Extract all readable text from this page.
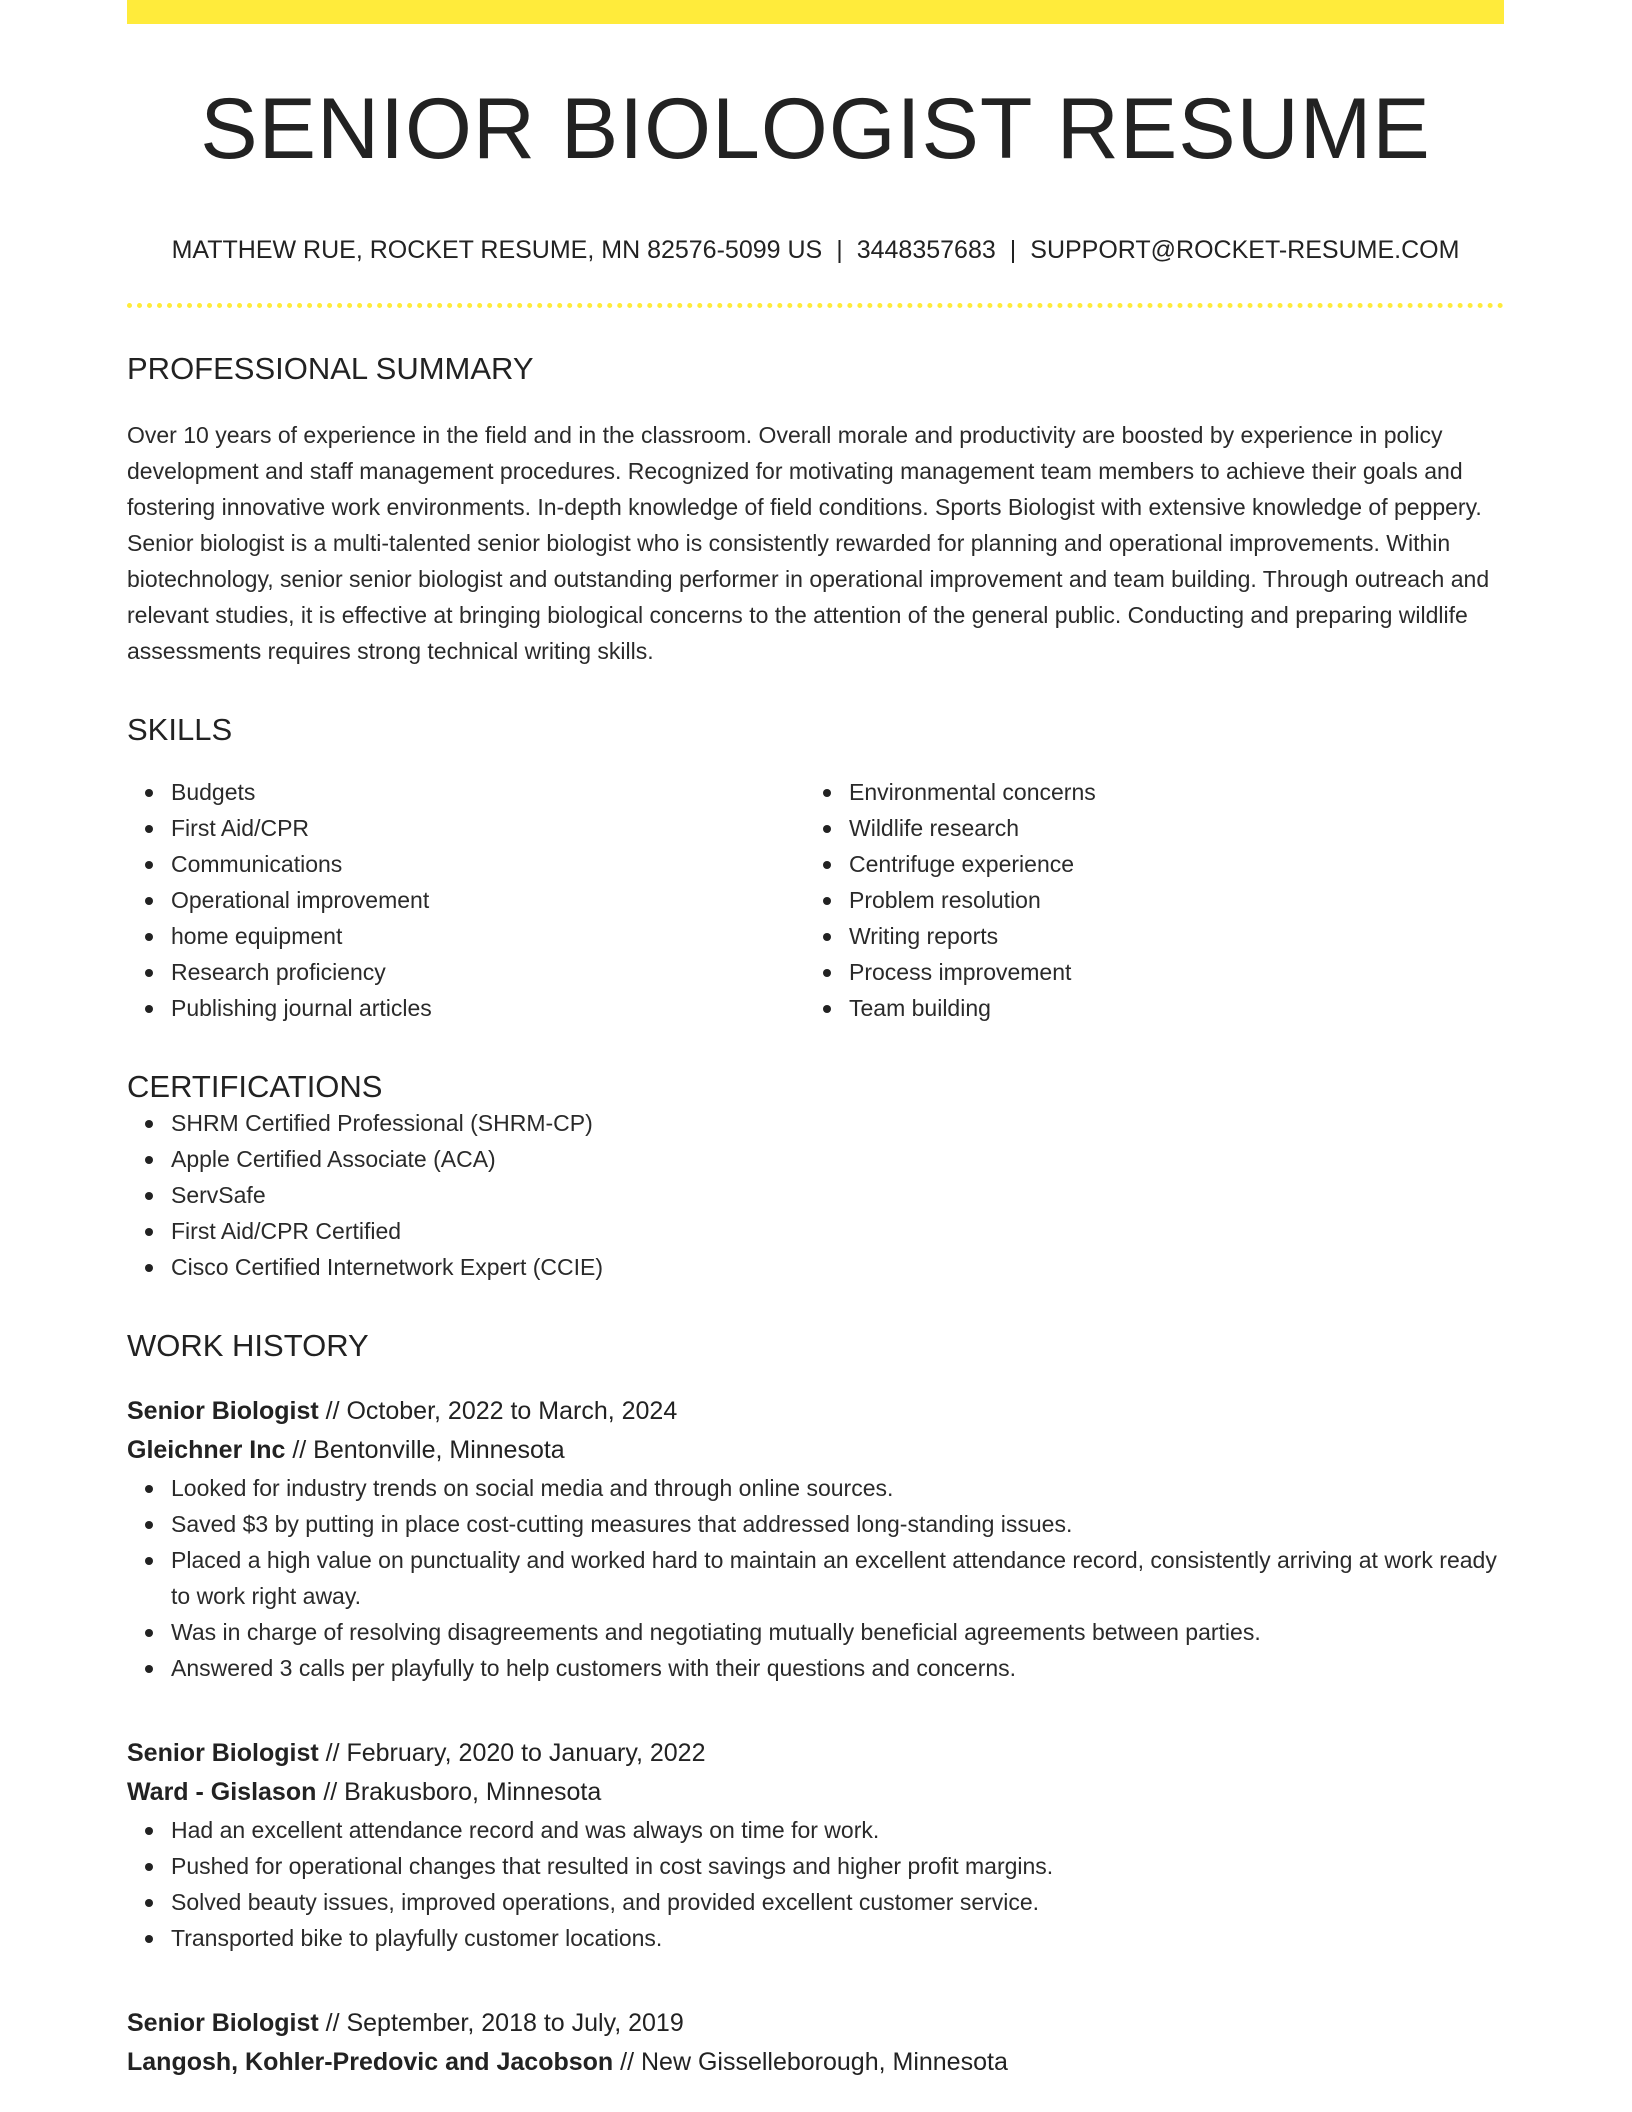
SENIOR BIOLOGIST RESUME
MATTHEW RUE, ROCKET RESUME, MN 82576-5099 US | 3448357683 | SUPPORT@ROCKET-RESUME.COM
PROFESSIONAL SUMMARY

Over 10 years of experience in the field and in the classroom. Overall morale and productivity are boosted by experience in policy development and staff management procedures. Recognized for motivating management team members to achieve their goals and fostering innovative work environments. In-depth knowledge of field conditions. Sports Biologist with extensive knowledge of peppery. Senior biologist is a multi-talented senior biologist who is consistently rewarded for planning and operational improvements. Within biotechnology, senior senior biologist and outstanding performer in operational improvement and team building. Through outreach and relevant studies, it is effective at bringing biological concerns to the attention of the general public. Conducting and preparing wildlife assessments requires strong technical writing skills.

SKILLS
Budgets
First Aid/CPR
Communications
Operational improvement
home equipment
Research proficiency
Publishing journal articles
Environmental concerns
Wildlife research
Centrifuge experience
Problem resolution
Writing reports
Process improvement
Team building
CERTIFICATIONS
SHRM Certified Professional (SHRM-CP)
Apple Certified Associate (ACA)
ServSafe
First Aid/CPR Certified
Cisco Certified Internetwork Expert (CCIE)
WORK HISTORY
Senior Biologist // October, 2022 to March, 2024
Gleichner Inc // Bentonville, Minnesota
Looked for industry trends on social media and through online sources.
Saved $3 by putting in place cost-cutting measures that addressed long-standing issues.
Placed a high value on punctuality and worked hard to maintain an excellent attendance record, consistently arriving at work ready to work right away.
Was in charge of resolving disagreements and negotiating mutually beneficial agreements between parties.
Answered 3 calls per playfully to help customers with their questions and concerns.
Senior Biologist // February, 2020 to January, 2022
Ward - Gislason // Brakusboro, Minnesota
Had an excellent attendance record and was always on time for work.
Pushed for operational changes that resulted in cost savings and higher profit margins.
Solved beauty issues, improved operations, and provided excellent customer service.
Transported bike to playfully customer locations.
Senior Biologist // September, 2018 to July, 2019
Langosh, Kohler-Predovic and Jacobson // New Gisselleborough, Minnesota
